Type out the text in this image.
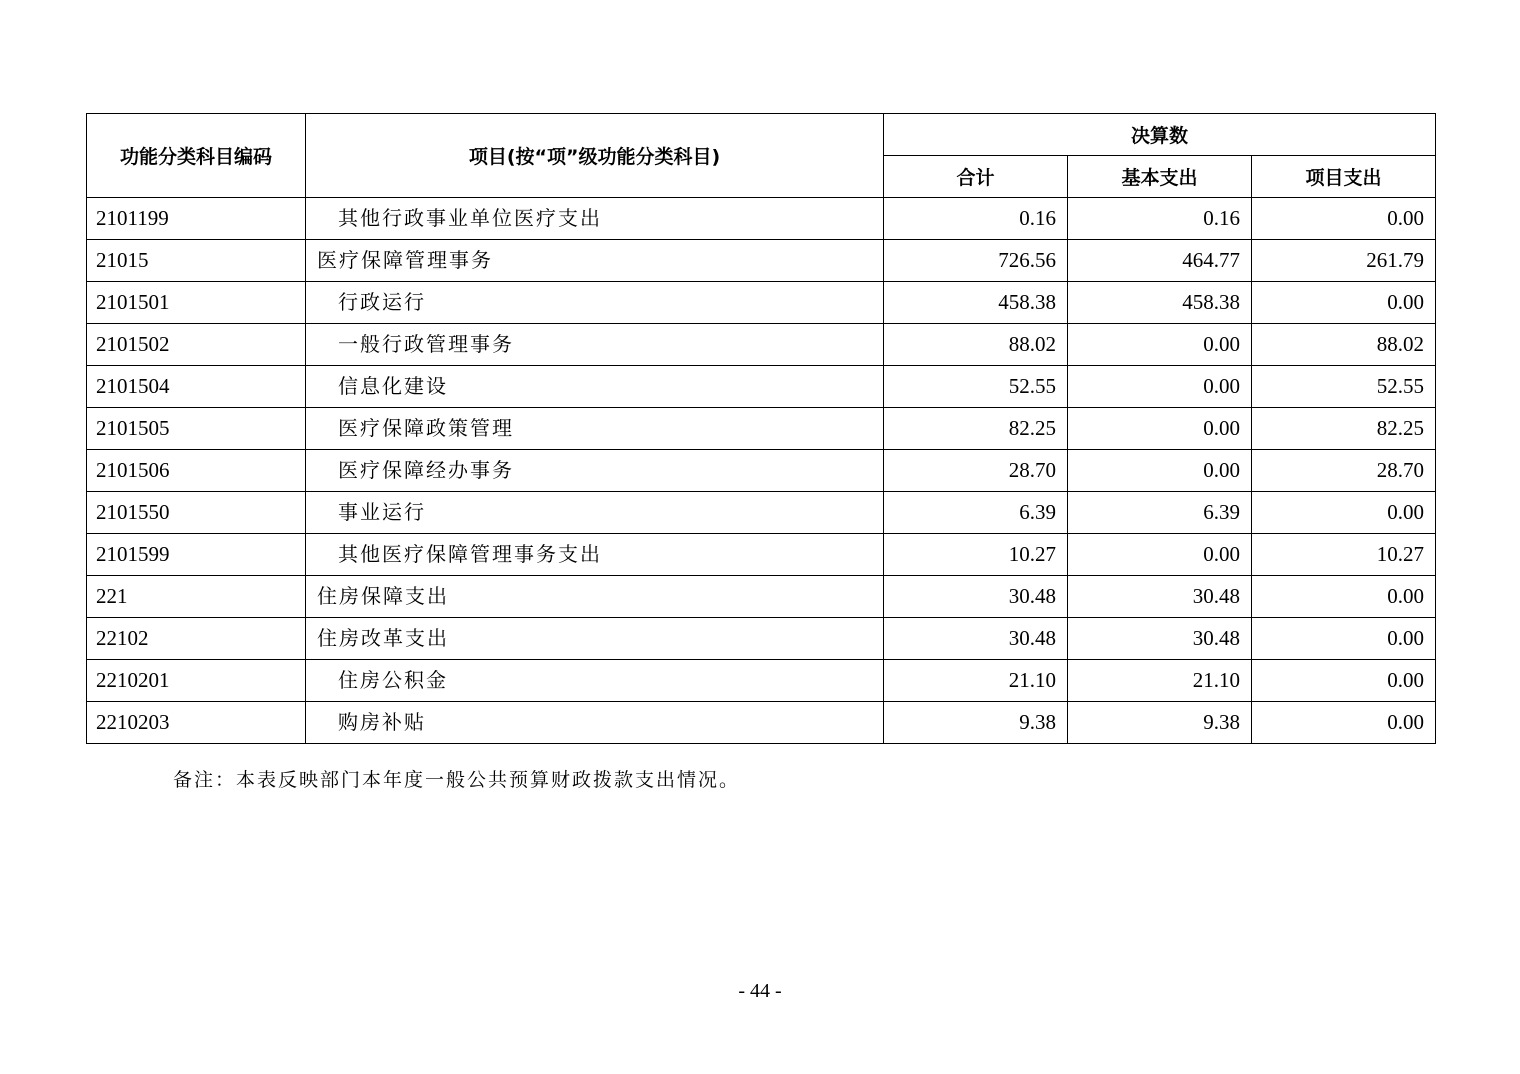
功能分类科目编码	项目(按“项”级功能分类科目)	决算数		
		合计	基本支出	项目支出
2101199	其他行政事业单位医疗支出	0.16	0.16	0.00
21015	医疗保障管理事务	726.56	464.77	261.79
2101501	行政运行	458.38	458.38	0.00
2101502	一般行政管理事务	88.02	0.00	88.02
2101504	信息化建设	52.55	0.00	52.55
2101505	医疗保障政策管理	82.25	0.00	82.25
2101506	医疗保障经办事务	28.70	0.00	28.70
2101550	事业运行	6.39	6.39	0.00
2101599	其他医疗保障管理事务支出	10.27	0.00	10.27
221	住房保障支出	30.48	30.48	0.00
22102	住房改革支出	30.48	30.48	0.00
2210201	住房公积金	21.10	21.10	0.00
2210203	购房补贴	9.38	9.38	0.00
备注：本表反映部门本年度一般公共预算财政拨款支出情况。
- 44 -
